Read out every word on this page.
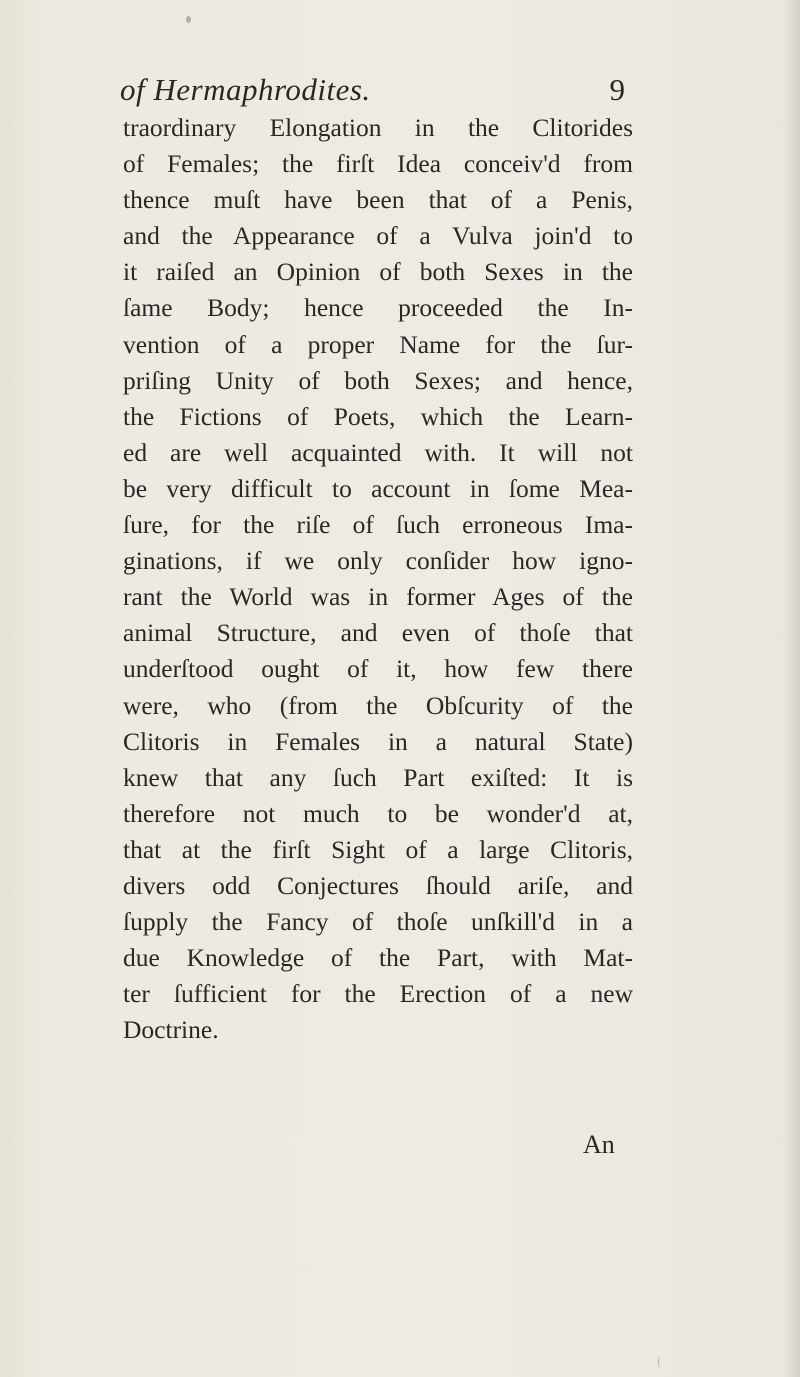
of Hermaphrodites.	9
traordinary Elongation in the Clitorides
of Females; the firſt Idea conceiv'd from
thence muſt have been that of a Penis,
and the Appearance of a Vulva join'd to
it raiſed an Opinion of both Sexes in the
ſame Body; hence proceeded the In-
vention of a proper Name for the ſur-
priſing Unity of both Sexes; and hence,
the Fictions of Poets, which the Learn-
ed are well acquainted with. It will not
be very difficult to account in ſome Mea-
ſure, for the riſe of ſuch erroneous Ima-
ginations, if we only conſider how igno-
rant the World was in former Ages of the
animal Structure, and even of thoſe that
underſtood ought of it, how few there
were, who (from the Obſcurity of the
Clitoris in Females in a natural State)
knew that any ſuch Part exiſted: It is
therefore not much to be wonder'd at,
that at the firſt Sight of a large Clitoris,
divers odd Conjectures ſhould ariſe, and
ſupply the Fancy of thoſe unſkill'd in a
due Knowledge of the Part, with Mat-
ter ſufficient for the Erection of a new
Doctrine.
An
